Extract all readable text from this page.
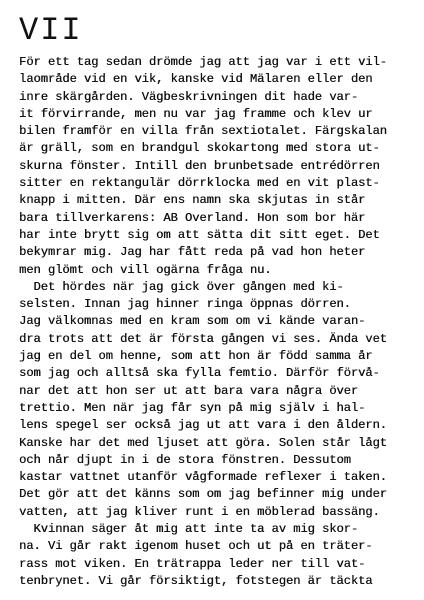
VII
För ett tag sedan drömde jag att jag var i ett vil-
laområde vid en vik, kanske vid Mälaren eller den
inre skärgården. Vägbeskrivningen dit hade var-
it förvirrande, men nu var jag framme och klev ur
bilen framför en villa från sextiotalet. Färgskalan
är gräll, som en brandgul skokartong med stora ut-
skurna fönster. Intill den brunbetsade entrédörren
sitter en rektangulär dörrklocka med en vit plast-
knapp i mitten. Där ens namn ska skjutas in står
bara tillverkarens: AB Overland. Hon som bor här
har inte brytt sig om att sätta dit sitt eget. Det
bekymrar mig. Jag har fått reda på vad hon heter
men glömt och vill ogärna fråga nu.
Det hördes när jag gick över gången med ki-
selsten. Innan jag hinner ringa öppnas dörren.
Jag välkomnas med en kram som om vi kände varan-
dra trots att det är första gången vi ses. Ända vet
jag en del om henne, som att hon är född samma år
som jag och alltså ska fylla femtio. Därför förvå-
nar det att hon ser ut att bara vara några över
trettio. Men när jag får syn på mig själv i hal-
lens spegel ser också jag ut att vara i den åldern.
Kanske har det med ljuset att göra. Solen står lågt
och når djupt in i de stora fönstren. Dessutom
kastar vattnet utanför vågformade reflexer i taken.
Det gör att det känns som om jag befinner mig under
vatten, att jag kliver runt i en möblerad bassäng.
Kvinnan säger åt mig att inte ta av mig skor-
na. Vi går rakt igenom huset och ut på en träter-
rass mot viken. En trätrappa leder ner till vat-
tenbrynet. Vi går försiktigt, fotstegen är täckta
